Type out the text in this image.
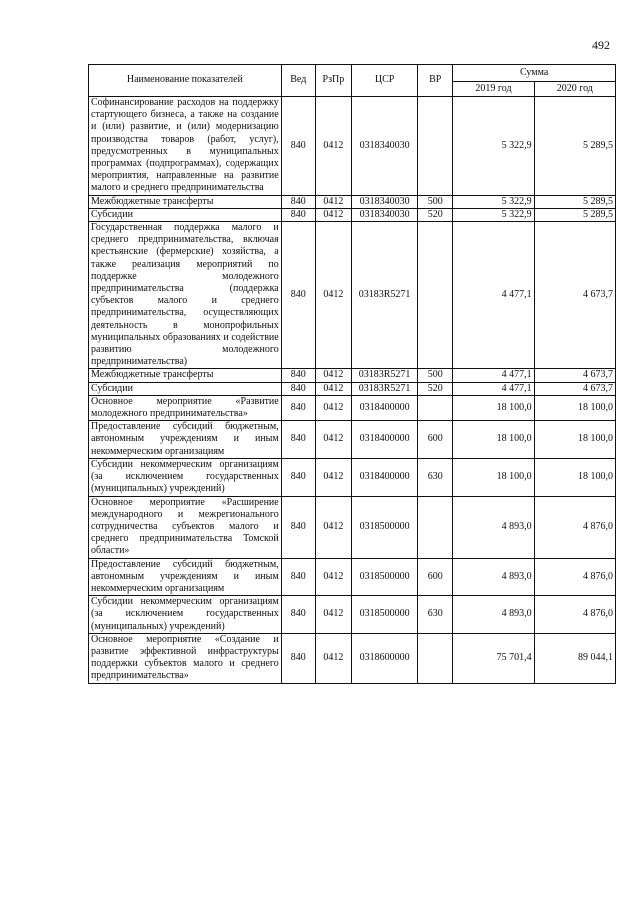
492
Наименование показателей	Вед	РзПр	ЦСР	ВР	Сумма	
					2019 год	2020 год
Софинансирование расходов на поддержку стартующего бизнеса, а также на создание и (или) развитие, и (или) модернизацию производства товаров (работ, услуг), предусмотренных в муниципальных программах (подпрограммах), содержащих мероприятия, направленные на развитие малого и среднего предпринимательства	840	0412	0318340030		5 322,9	5 289,5
Межбюджетные трансферты	840	0412	0318340030	500	5 322,9	5 289,5
Субсидии	840	0412	0318340030	520	5 322,9	5 289,5
Государственная поддержка малого и среднего предпринимательства, включая крестьянские (фермерские) хозяйства, а также реализация мероприятий по поддержке молодежного предпринимательства (поддержка субъектов малого и среднего предпринимательства, осуществляющих деятельность в монопрофильных муниципальных образованиях и содействие развитию молодежного предпринимательства)	840	0412	03183R5271		4 477,1	4 673,7
Межбюджетные трансферты	840	0412	03183R5271	500	4 477,1	4 673,7
Субсидии	840	0412	03183R5271	520	4 477,1	4 673,7
Основное мероприятие «Развитие молодежного предпринимательства»	840	0412	0318400000		18 100,0	18 100,0
Предоставление субсидий бюджетным, автономным учреждениям и иным некоммерческим организациям	840	0412	0318400000	600	18 100,0	18 100,0
Субсидии некоммерческим организациям (за исключением государственных (муниципальных) учреждений)	840	0412	0318400000	630	18 100,0	18 100,0
Основное мероприятие «Расширение международного и межрегионального сотрудничества субъектов малого и среднего предпринимательства Томской области»	840	0412	0318500000		4 893,0	4 876,0
Предоставление субсидий бюджетным, автономным учреждениям и иным некоммерческим организациям	840	0412	0318500000	600	4 893,0	4 876,0
Субсидии некоммерческим организациям (за исключением государственных (муниципальных) учреждений)	840	0412	0318500000	630	4 893,0	4 876,0
Основное мероприятие «Создание и развитие эффективной инфраструктуры поддержки субъектов малого и среднего предпринимательства»	840	0412	0318600000		75 701,4	89 044,1
